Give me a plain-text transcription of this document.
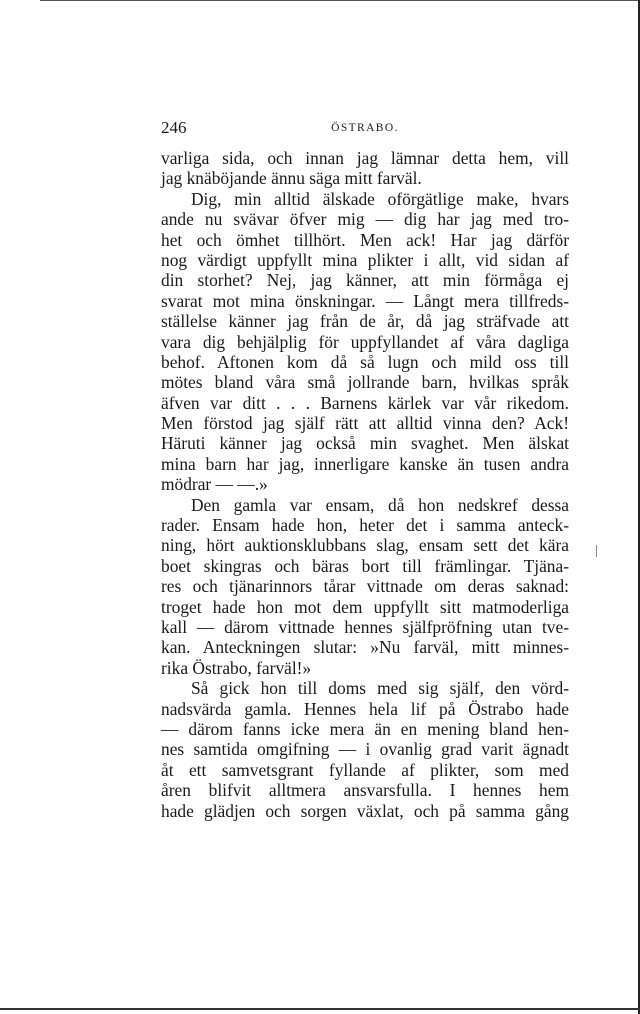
246	ÖSTRABO.
varliga sida, och innan jag lämnar detta hem, vill
jag knäböjande ännu säga mitt farväl.
Dig, min alltid älskade oförgätlige make, hvars
ande nu svävar öfver mig — dig har jag med tro-
het och ömhet tillhört. Men ack! Har jag därför
nog värdigt uppfyllt mina plikter i allt, vid sidan af
din storhet? Nej, jag känner, att min förmåga ej
svarat mot mina önskningar. — Långt mera tillfreds-
ställelse känner jag från de år, då jag sträfvade att
vara dig behjälplig för uppfyllandet af våra dagliga
behof. Aftonen kom då så lugn och mild oss till
mötes bland våra små jollrande barn, hvilkas språk
äfven var ditt . . . Barnens kärlek var vår rikedom.
Men förstod jag själf rätt att alltid vinna den? Ack!
Häruti känner jag också min svaghet. Men älskat
mina barn har jag, innerligare kanske än tusen andra
mödrar — —.»
Den gamla var ensam, då hon nedskref dessa
rader. Ensam hade hon, heter det i samma anteck-
ning, hört auktionsklubbans slag, ensam sett det kära
boet skingras och bäras bort till främlingar. Tjäna-
res och tjänarinnors tårar vittnade om deras saknad:
troget hade hon mot dem uppfyllt sitt matmoderliga
kall — därom vittnade hennes själfpröfning utan tve-
kan. Anteckningen slutar: »Nu farväl, mitt minnes-
rika Östrabo, farväl!»
Så gick hon till doms med sig själf, den vörd-
nadsvärda gamla. Hennes hela lif på Östrabo hade
— därom fanns icke mera än en mening bland hen-
nes samtida omgifning — i ovanlig grad varit ägnadt
åt ett samvetsgrant fyllande af plikter, som med
åren blifvit alltmera ansvarsfulla. I hennes hem
hade glädjen och sorgen växlat, och på samma gång
